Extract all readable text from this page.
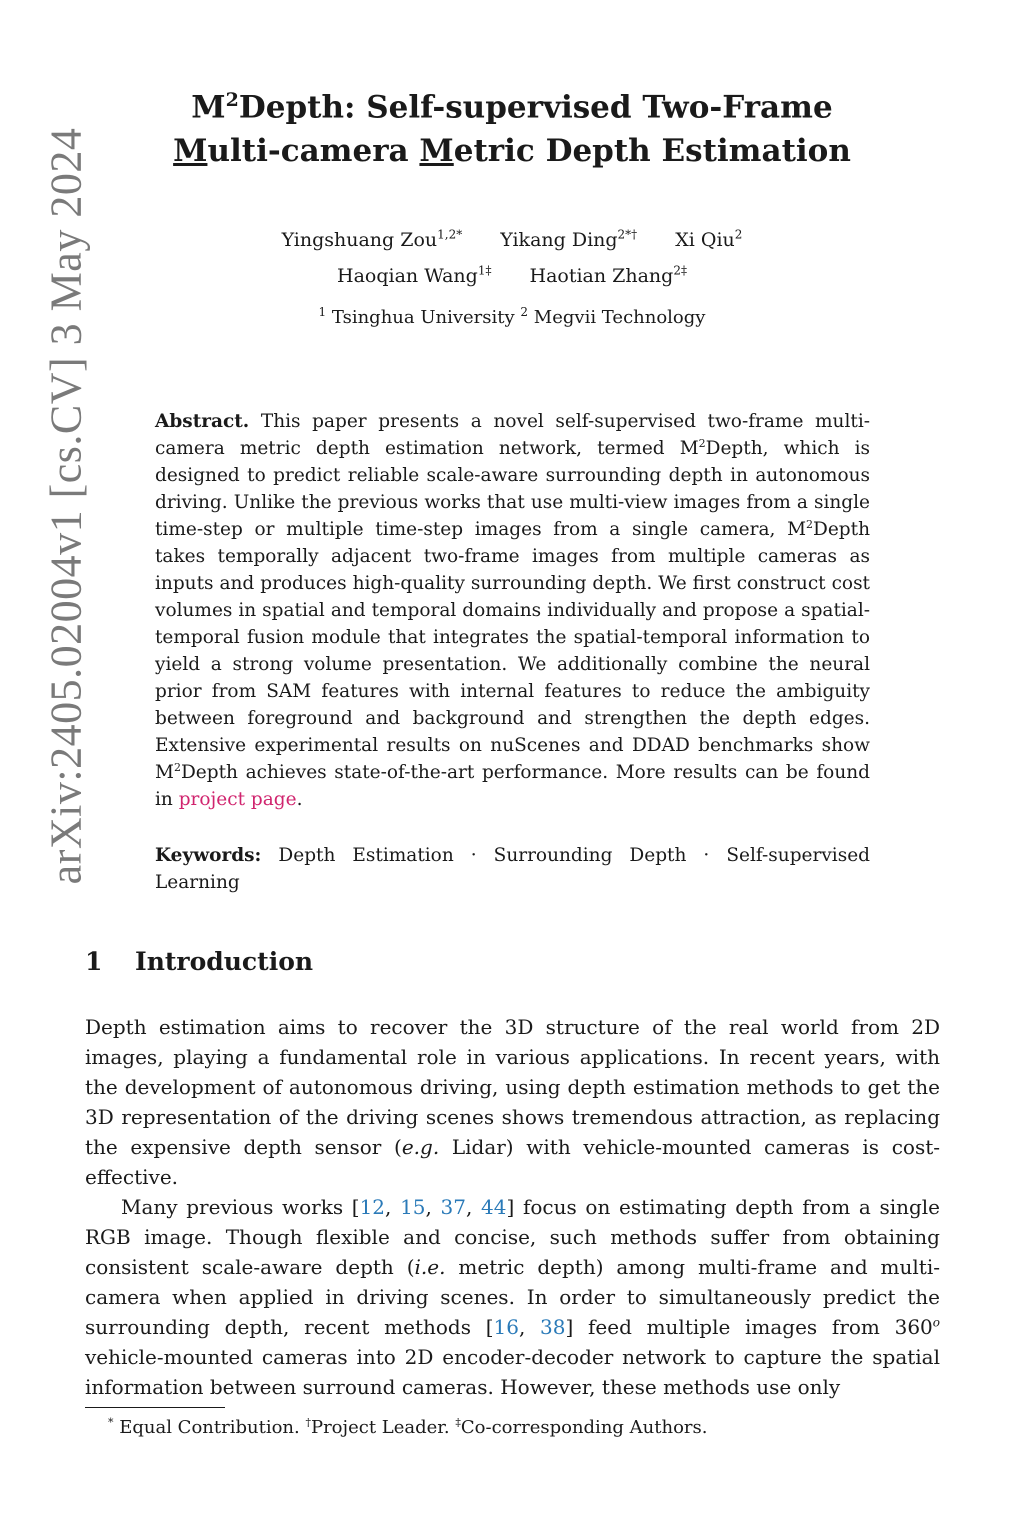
arXiv:2405.02004v1 [cs.CV] 3 May 2024
$M^2Depth$: Self-supervised Two-Frame
Multi-camera Metric Depth Estimation
Yingshuang Zou$^{1,2*}$ Yikang Ding$^{2*\dagger}$ Xi Qiu$^2$
Haoqian Wang$^{1\ddagger}$ Haotian Zhang$^{2\ddagger}$
$^1$ Tsinghua University $^2$ Megvii Technology
Abstract. This paper presents a novel self-supervised two-frame multi-camera metric depth estimation network, termed $M^2Depth$, which is designed to predict reliable scale-aware surrounding depth in autonomous driving. Unlike the previous works that use multi-view images from a single time-step or multiple time-step images from a single camera, $M^2Depth$ takes temporally adjacent two-frame images from multiple cameras as inputs and produces high-quality surrounding depth. We first construct cost volumes in spatial and temporal domains individually and propose a spatial-temporal fusion module that integrates the spatial-temporal information to yield a strong volume presentation. We additionally combine the neural prior from SAM features with internal features to reduce the ambiguity between foreground and background and strengthen the depth edges. Extensive experimental results on nuScenes and DDAD benchmarks show $M^2Depth$ achieves state-of-the-art performance. More results can be found in project page.
Keywords: Depth Estimation · Surrounding Depth · Self-supervised Learning
1 Introduction

Depth estimation aims to recover the 3D structure of the real world from 2D images, playing a fundamental role in various applications. In recent years, with the development of autonomous driving, using depth estimation methods to get the 3D representation of the driving scenes shows tremendous attraction, as replacing the expensive depth sensor (e.g. Lidar) with vehicle-mounted cameras is cost-effective.

Many previous works [12, 15, 37, 44] focus on estimating depth from a single RGB image. Though flexible and concise, such methods suffer from obtaining consistent scale-aware depth (i.e. metric depth) among multi-frame and multi-camera when applied in driving scenes. In order to simultaneously predict the surrounding depth, recent methods [16, 38] feed multiple images from 360$^o$ vehicle-mounted cameras into 2D encoder-decoder network to capture the spatial information between surround cameras. However, these methods use only

* Equal Contribution. †Project Leader. ‡Co-corresponding Authors.
